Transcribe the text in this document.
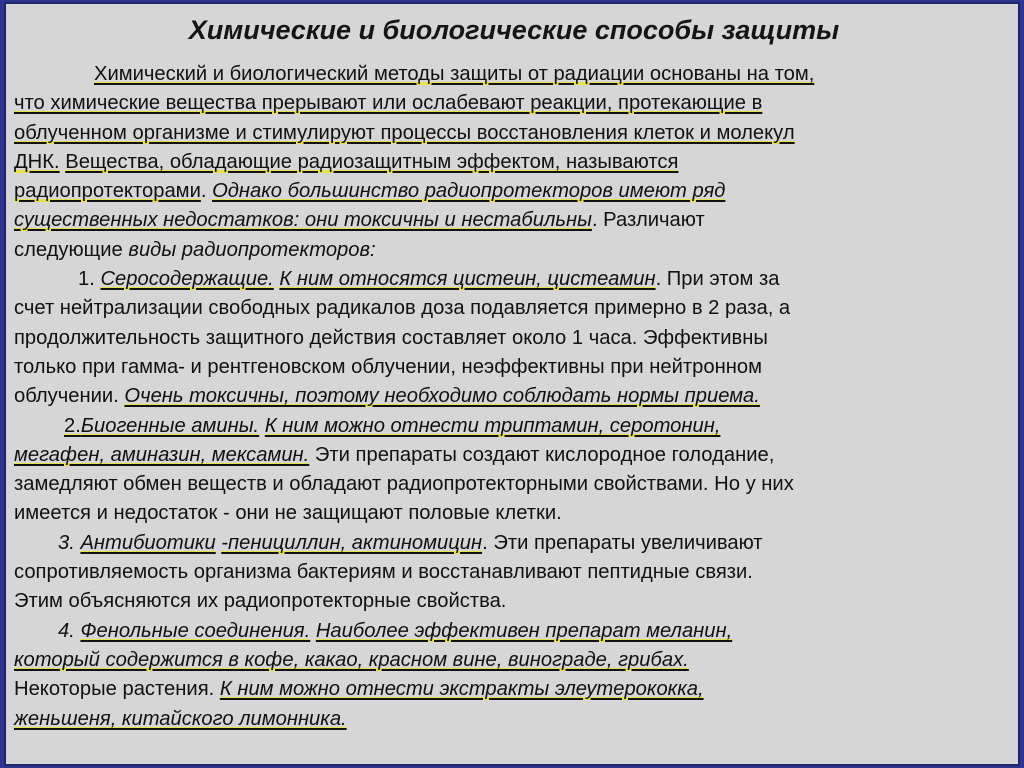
Химические и биологические способы защиты
Химический и биологический методы защиты от радиации основаны на том,
что химические вещества прерывают или ослабевают реакции, протекающие в
облученном организме и стимулируют процессы восстановления клеток и молекул
ДНК. Вещества, обладающие радиозащитным эффектом, называются
радиопротекторами. Однако большинство радиопротекторов имеют ряд
существенных недостатков: они токсичны и нестабильны. Различают
следующие виды радиопротекторов:
1. Серосодержащие. К ним относятся цистеин, цистеамин. При этом за
счет нейтрализации свободных радикалов доза подавляется примерно в 2 раза, а
продолжительность защитного действия составляет около 1 часа. Эффективны
только при гамма- и рентгеновском облучении, неэффективны при нейтронном
облучении. Очень токсичны, поэтому необходимо соблюдать нормы приема.
2.Биогенные амины. К ним можно отнести триптамин, серотонин,
мегафен, аминазин, мексамин. Эти препараты создают кислородное голодание,
замедляют обмен веществ и обладают радиопротекторными свойствами. Но у них
имеется и недостаток - они не защищают половые клетки.
3. Антибиотики -пенициллин, актиномицин. Эти препараты увеличивают
сопротивляемость организма бактериям и восстанавливают пептидные связи.
Этим объясняются их радиопротекторные свойства.
4. Фенольные соединения. Наиболее эффективен препарат меланин,
который содержится в кофе, какао, красном вине, винограде, грибах.
Некоторые растения. К ним можно отнести экстракты элеутерококка,
женьшеня, китайского лимонника.
